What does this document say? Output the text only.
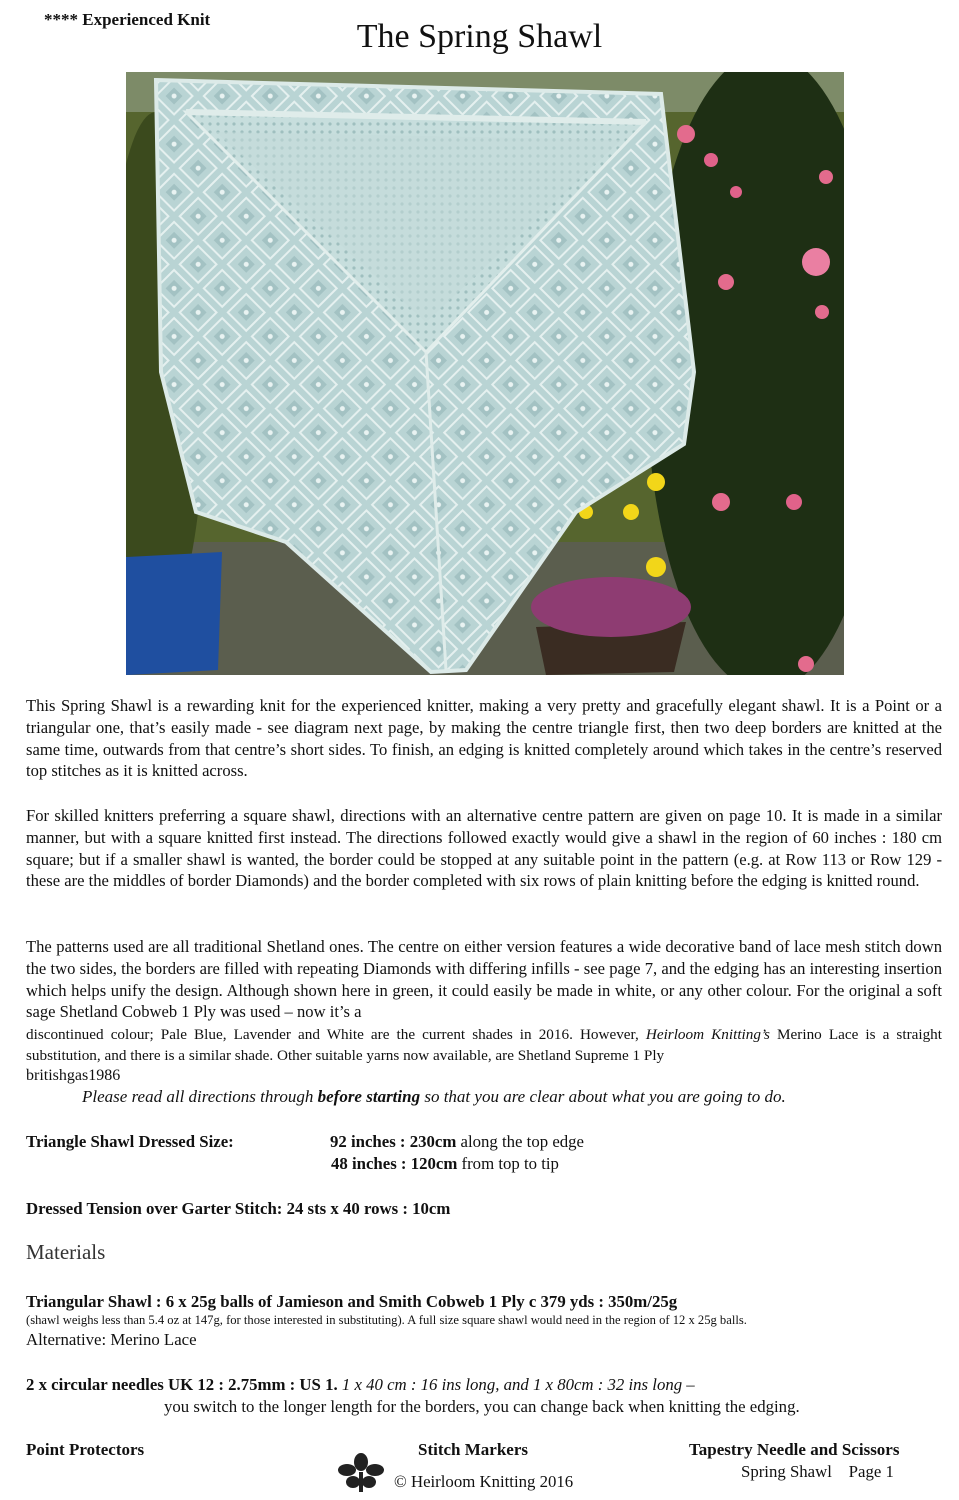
**** Experienced Knit	The Spring Shawl

This Spring Shawl is a rewarding knit for the experienced knitter, making a very pretty and gracefully elegant shawl. It is a Point or a triangular one, that’s easily made - see diagram next page, by making the centre triangle first, then two deep borders are knitted at the same time, outwards from that centre’s short sides. To finish, an edging is knitted completely around which takes in the centre’s reserved top stitches as it is knitted across.

For skilled knitters preferring a square shawl, directions with an alternative centre pattern are given on page 10. It is made in a similar manner, but with a square knitted first instead. The directions followed exactly would give a shawl in the region of 60 inches : 180 cm square; but if a smaller shawl is wanted, the border could be stopped at any suitable point in the pattern (e.g. at Row 113 or Row 129 - these are the middles of border Diamonds) and the border completed with six rows of plain knitting before the edging is knitted round.

The patterns used are all traditional Shetland ones. The centre on either version features a wide decorative band of lace mesh stitch down the two sides, the borders are filled with repeating Diamonds with differing infills - see page 7, and the edging has an interesting insertion which helps unify the design. Although shown here in green, it could easily be made in white, or any other colour. For the original a soft sage Shetland Cobweb 1 Ply was used – now it’s a

discontinued colour; Pale Blue, Lavender and White are the current shades in 2016. However, Heirloom Knitting’s Merino Lace is a straight substitution, and there is a similar shade. Other suitable yarns now available, are Shetland Supreme 1 Ply

britishgas1986
Please read all directions through before starting so that you are clear about what you are going to do.
Triangle Shawl Dressed Size:	92 inches : 230cm along the top edge
48 inches : 120cm from top to tip
Dressed Tension over Garter Stitch: 24 sts x 40 rows : 10cm
Materials
Triangular Shawl : 6 x 25g balls of Jamieson and Smith Cobweb 1 Ply c 379 yds : 350m/25g
(shawl weighs less than 5.4 oz at 147g, for those interested in substituting). A full size square shawl would need in the region of 12 x 25g balls.
Alternative: Merino Lace
2 x circular needles UK 12 : 2.75mm : US 1. 1 x 40 cm : 16 ins long, and 1 x 80cm : 32 ins long –
you switch to the longer length for the borders, you can change back when knitting the edging.
Point Protectors	Stitch Markers	Tapestry Needle and Scissors
© Heirloom Knitting 2016
Spring Shawl    Page 1
